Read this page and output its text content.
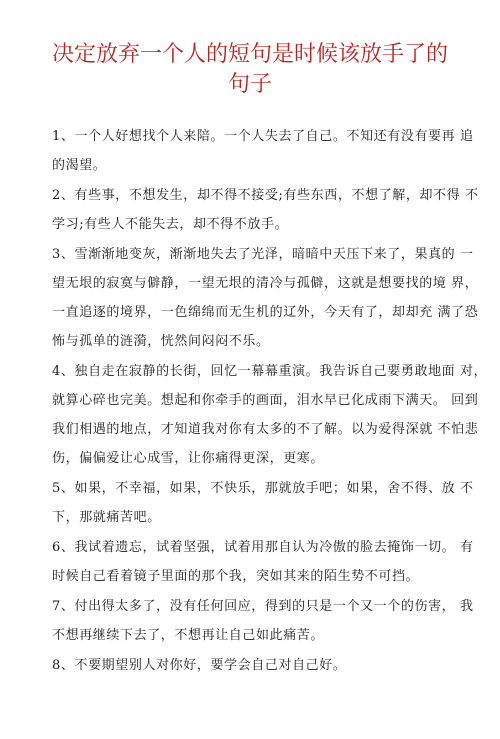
决定放弃一个人的短句是时候该放手了的
句子
1、一个人好想找个人来陪。一个人失去了自己。不知还有没有要再 追
的渴望。
2、有些事，不想发生，却不得不接受;有些东西，不想了解，却不得 不
学习;有些人不能失去，却不得不放手。
3、雪渐渐地变灰，渐渐地失去了光泽，暗暗中天压下来了，果真的 一
望无垠的寂寞与僻静，一望无垠的清冷与孤僻，这就是想要找的境 界，
一直追逐的境界，一色绵绵而无生机的辽外，今天有了，却却充 满了恐
怖与孤单的涟漪，恍然间闷闷不乐。
4、独自走在寂静的长街，回忆一幕幕重演。我告诉自己要勇敢地面 对，
就算心碎也完美。想起和你牵手的画面，泪水早已化成雨下满天。 回到
我们相遇的地点，才知道我对你有太多的不了解。以为爱得深就 不怕悲
伤，偏偏爱让心成雪，让你痛得更深，更寒。
5、如果，不幸福，如果，不快乐，那就放手吧；如果，舍不得、放 不
下，那就痛苦吧。
6、我试着遗忘，试着坚强，试着用那自认为冷傲的脸去掩饰一切。 有
时候自己看着镜子里面的那个我，突如其来的陌生势不可挡。
7、付出得太多了，没有任何回应，得到的只是一个又一个的伤害， 我
不想再继续下去了，不想再让自己如此痛苦。
8、不要期望别人对你好，要学会自己对自己好。
